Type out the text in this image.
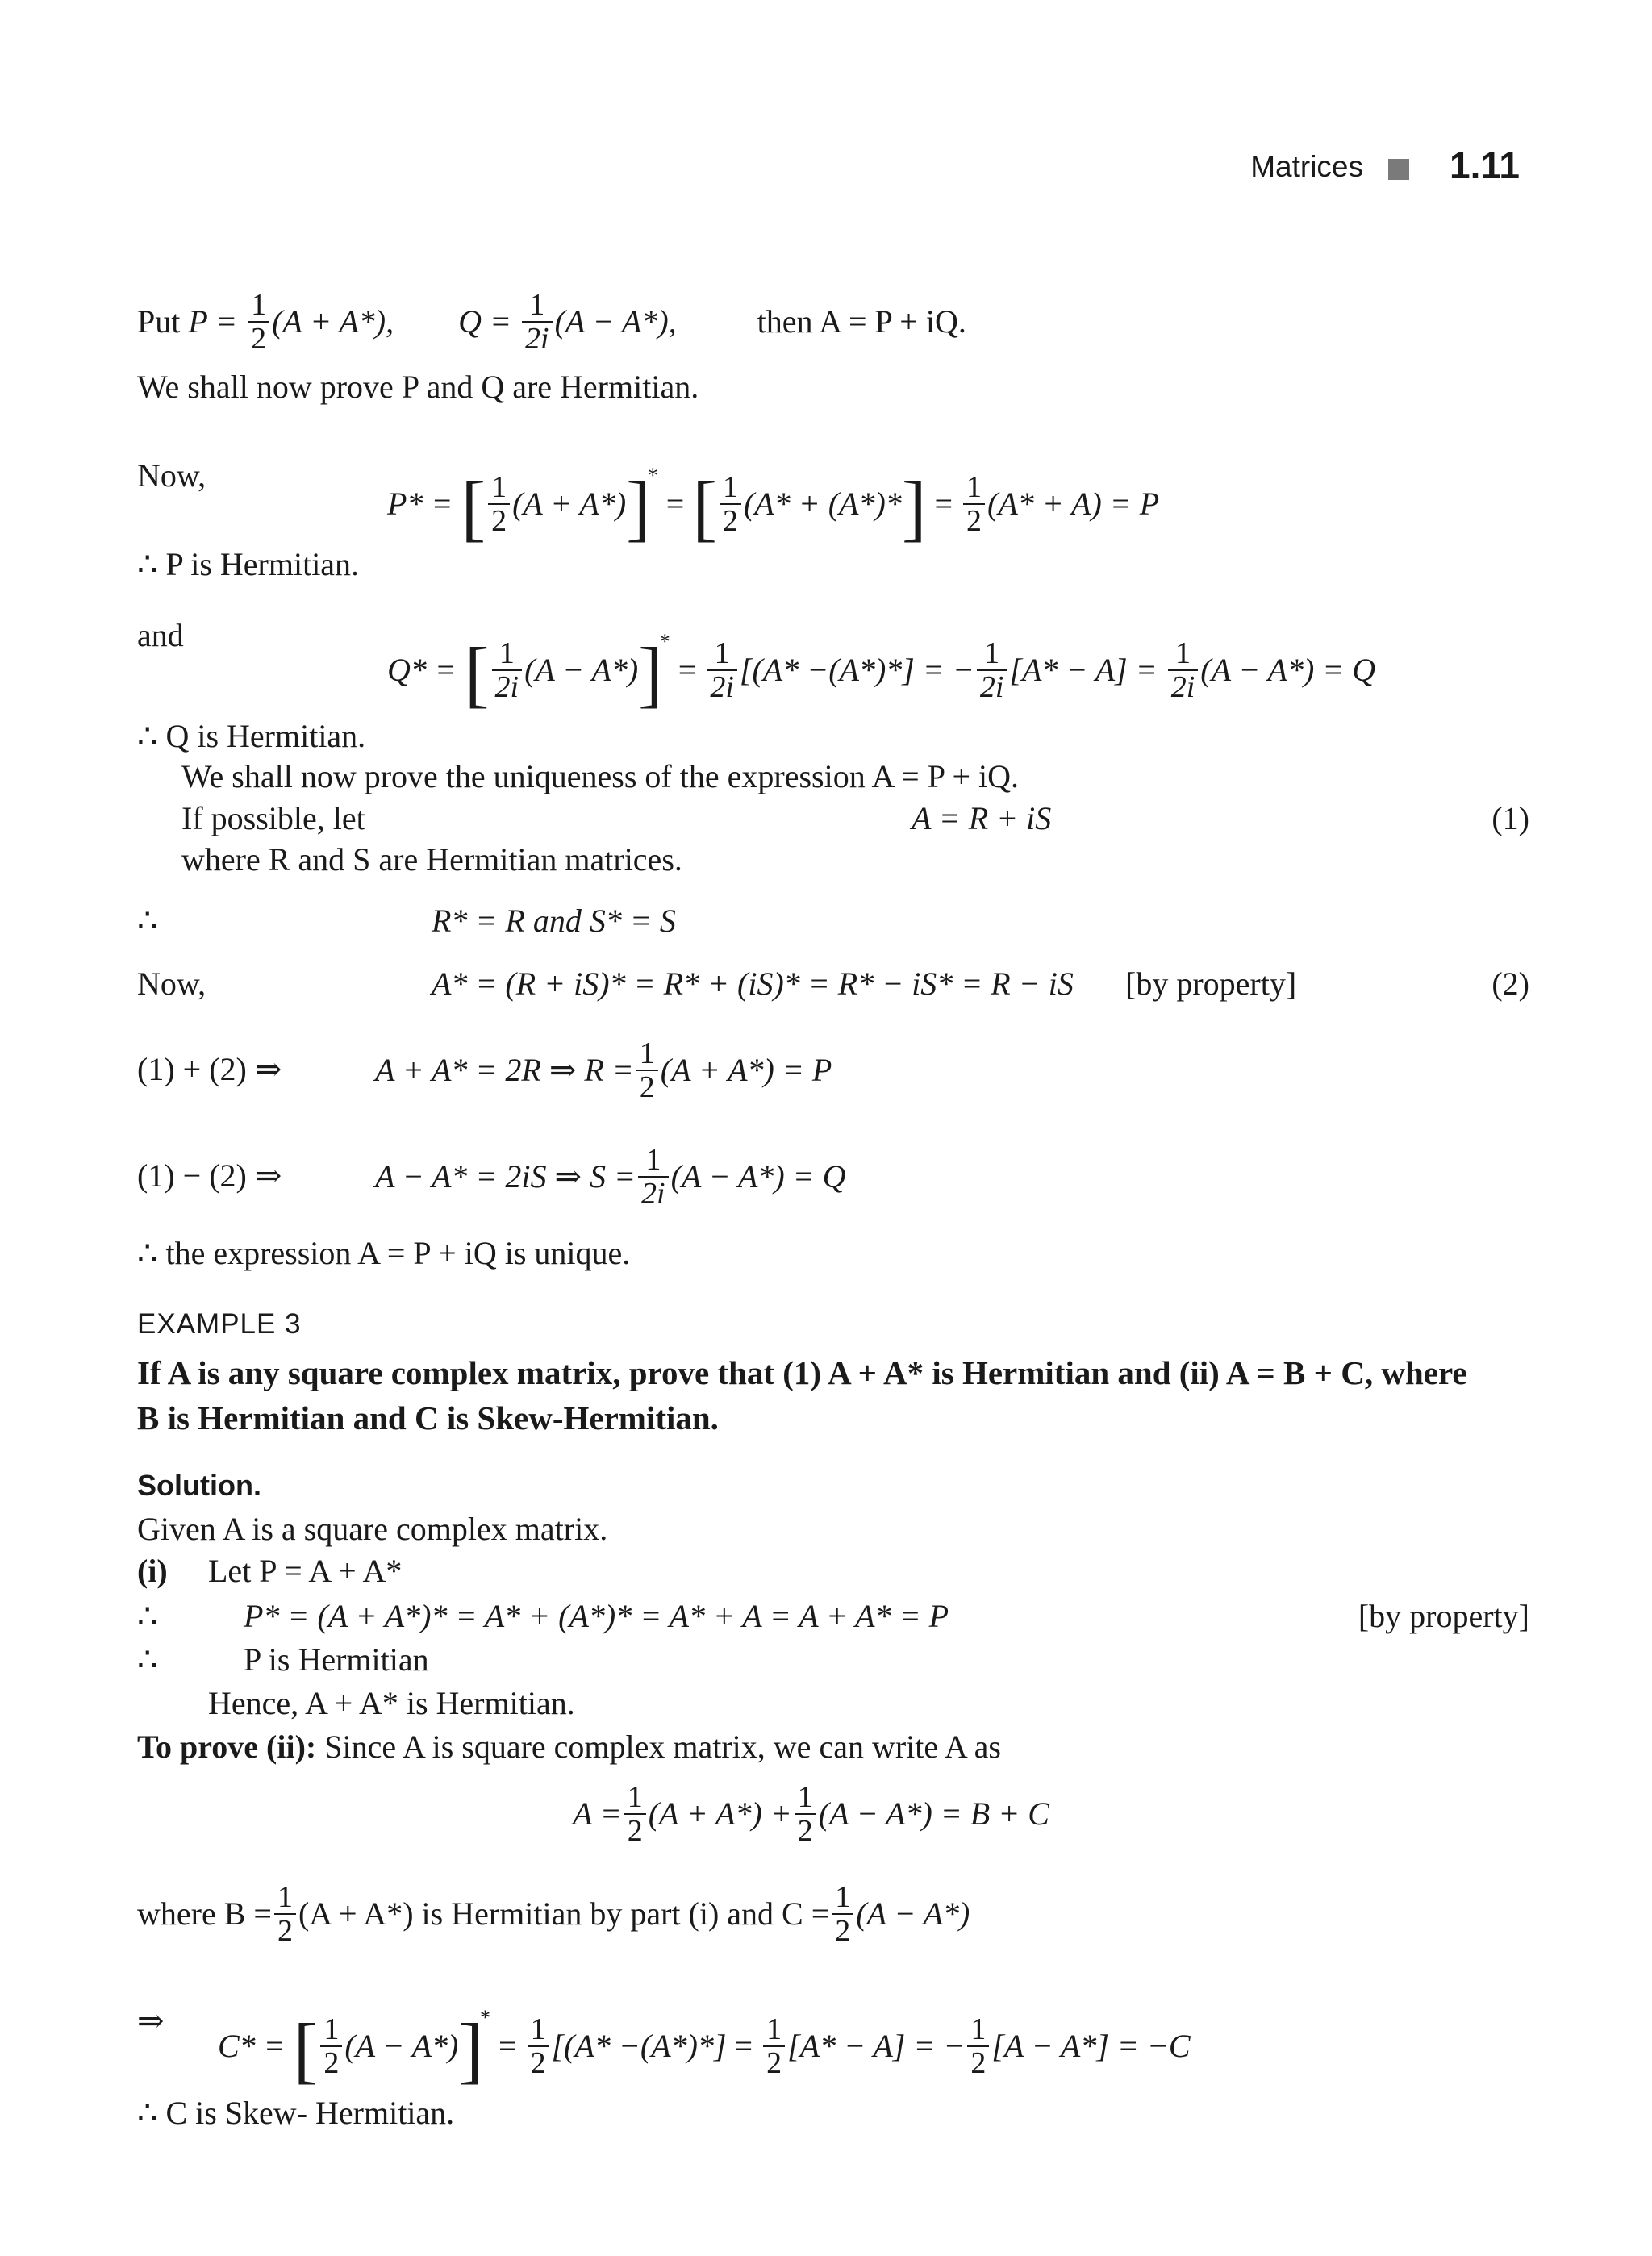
Matrices 1.11
Put $P = \frac{1}{2} (A + A*)$, $Q = \frac{1}{2i} (A - A*)$,	then A = P + iQ.
We shall now prove P and Q are Hermitian.
Now,
P* = [ $\frac{1}{2} (A + A*)]^*$ = [ $\frac{1}{2} (A* + (A*)*] = \frac{1}{2} (A* + A) = P$
∴ P is Hermitian.
and
Q* = [ $\frac{1}{2i} (A - A*)]^* = \frac{1}{2i} [(A* -(A*)*]$ = − $\frac{1}{2i} [A* - A] = \frac{1}{2i} (A - A*) = Q$
∴ Q is Hermitian.
We shall now prove the uniqueness of the expression A = P + iQ.
If possible, let	A = R + iS	(1)
where R and S are Hermitian matrices.
∴	R* = R and S* = S
Now,	A* = (R + iS)* = R* + (iS)* = R* − iS* = R − iS [by property]	(2)
(1) + (2) ⇒	A + A* = 2R ⇒ $R = \frac{1}{2} (A + A*) = P$
(1) − (2) ⇒	A − A* = 2iS ⇒ $S = \frac{1}{2i} (A - A*) = Q$
∴ the expression A = P + iQ is unique.
EXAMPLE 3
If A is any square complex matrix, prove that (1) A + A* is Hermitian and (ii) A = B + C, where
B is Hermitian and C is Skew-Hermitian.
Solution.
Given A is a square complex matrix.
(i) Let P = A + A*
∴	P* = (A + A*)* = A* + (A*)* = A* + A = A + A* = P	[by property]
∴	P is Hermitian
Hence, A + A* is Hermitian.
To prove (ii): Since A is square complex matrix, we can write A as
$A = \frac{1}{2} (A + A*) + \frac{1}{2} (A - A*) = B + C$
where $B = \frac{1}{2} (A + A*)$ is Hermitian by part (i) and $C = \frac{1}{2} (A - A*)$
⇒
C* = [ $\frac{1}{2} (A - A*)]^* = \frac{1}{2} [(A* -(A*)*] = \frac{1}{2} [A* - A]$ = − $\frac{1}{2} [A - A*] = -C$
∴ C is Skew- Hermitian.
